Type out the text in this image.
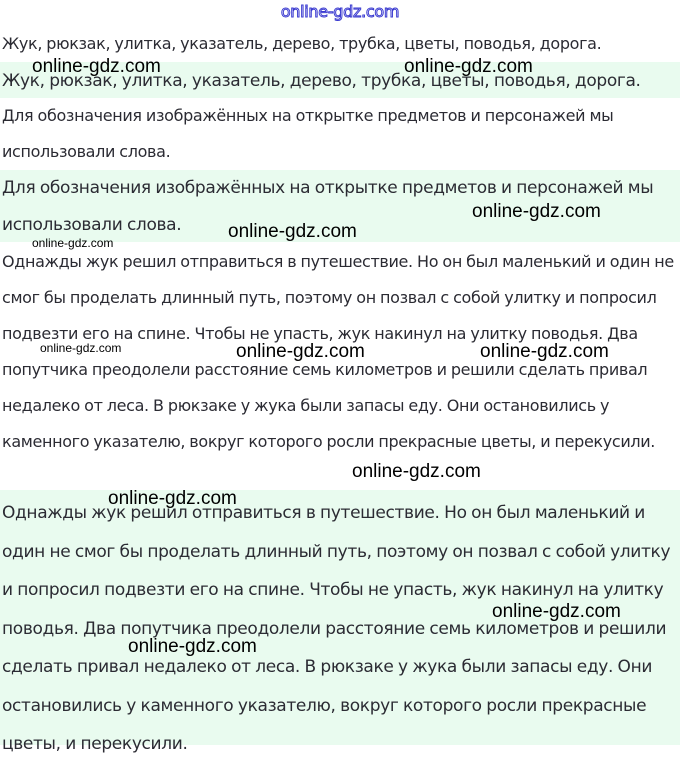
online-gdz.com

Жук, рюкзак, улитка, указатель, дерево, трубка, цветы, поводья, дорога.

Жук, рюкзак, улитка, указатель, дерево, трубка, цветы, поводья, дорога.

Для обозначения изображённых на открытке предметов и персонажей мы использовали слова.

Для обозначения изображённых на открытке предметов и персонажей мы использовали слова.

Однажды жук решил отправиться в путешествие. Но он был маленький и один не смог бы проделать длинный путь, поэтому он позвал с собой улитку и попросил подвезти его на спине. Чтобы не упасть, жук накинул на улитку поводья. Два попутчика преодолели расстояние семь километров и решили сделать привал недалеко от леса. В рюкзаке у жука были запасы еду. Они остановились у каменного указателю, вокруг которого росли прекрасные цветы, и перекусили.

Однажды жук решил отправиться в путешествие. Но он был маленький и один не смог бы проделать длинный путь, поэтому он позвал с собой улитку и попросил подвезти его на спине. Чтобы не упасть, жук накинул на улитку поводья. Два попутчика преодолели расстояние семь километров и решили сделать привал недалеко от леса. В рюкзаке у жука были запасы еду. Они остановились у каменного указателю, вокруг которого росли прекрасные цветы, и перекусили.

online-gdz.com	online-gdz.com
online-gdz.com
online-gdz.com
online-gdz.com
online-gdz.com	online-gdz.com	online-gdz.com
online-gdz.com
online-gdz.com
online-gdz.com
online-gdz.com
